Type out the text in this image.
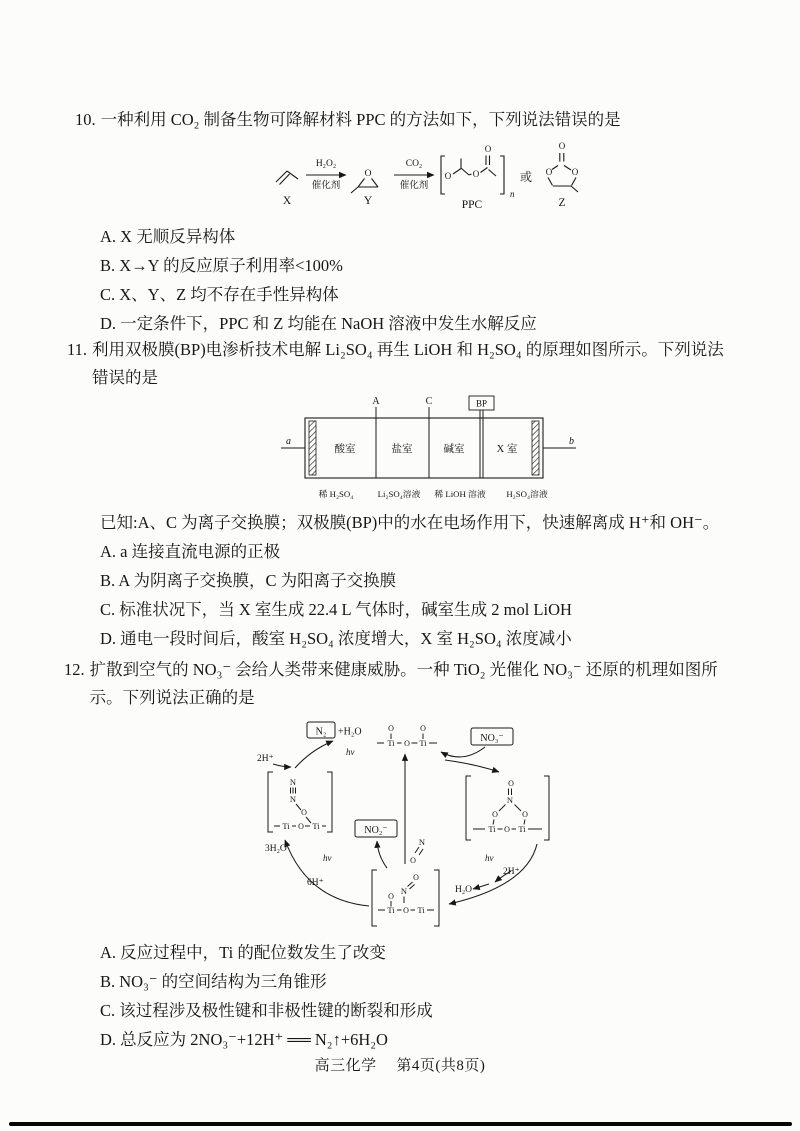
10. 一种利用 CO₂ 制备生物可降解材料 PPC 的方法如下，下列说法错误的是
H₂O₂
催化剂
CO₂
催化剂
X	Y
O	O O
O
n
PPC
或 O O
O
Z
A. X 无顺反异构体
B. X→Y 的反应原子利用率<100%
C. X、Y、Z 均不存在手性异构体
D. 一定条件下，PPC 和 Z 均能在 NaOH 溶液中发生水解反应
11. 利用双极膜(BP)电渗析技术电解 Li₂SO₄ 再生 LiOH 和 H₂SO₄ 的原理如图所示。下列说法错误的是
a	b
A	C	BP
酸室	盐室	碱室	X 室
稀 H₂SO₄	Li₂SO₄溶液 稀 LiOH 溶液 H₂SO₄溶液
已知:A、C 为离子交换膜；双极膜(BP)中的水在电场作用下，快速解离成 H⁺和 OH⁻。
A. a 连接直流电源的正极
B. A 为阴离子交换膜，C 为阳离子交换膜
C. 标准状况下，当 X 室生成 22.4 L 气体时，碱室生成 2 mol LiOH
D. 通电一段时间后，酸室 H₂SO₄ 浓度增大，X 室 H₂SO₄ 浓度减小
12. 扩散到空气的 NO₃⁻ 会给人类带来健康威胁。一种 TiO₂ 光催化 NO₃⁻ 还原的机理如图所示。下列说法正确的是
N₂ +H₂O
NO₃⁻
NO₂⁻
hν
hν	hν
2H⁺
2H⁺
3H₂O
6H⁺
H₂O
O	O
Ti O Ti
N
N
O
Ti O Ti
O
N
O	O
Ti O Ti
O
N
O
Ti O Ti
N
O
A. 反应过程中，Ti 的配位数发生了改变
B. NO₃⁻ 的空间结构为三角锥形
C. 该过程涉及极性键和非极性键的断裂和形成
D. 总反应为 2NO₃⁻+12H⁺ ══ N₂↑+6H₂O
高三化学　 第4页(共8页)
